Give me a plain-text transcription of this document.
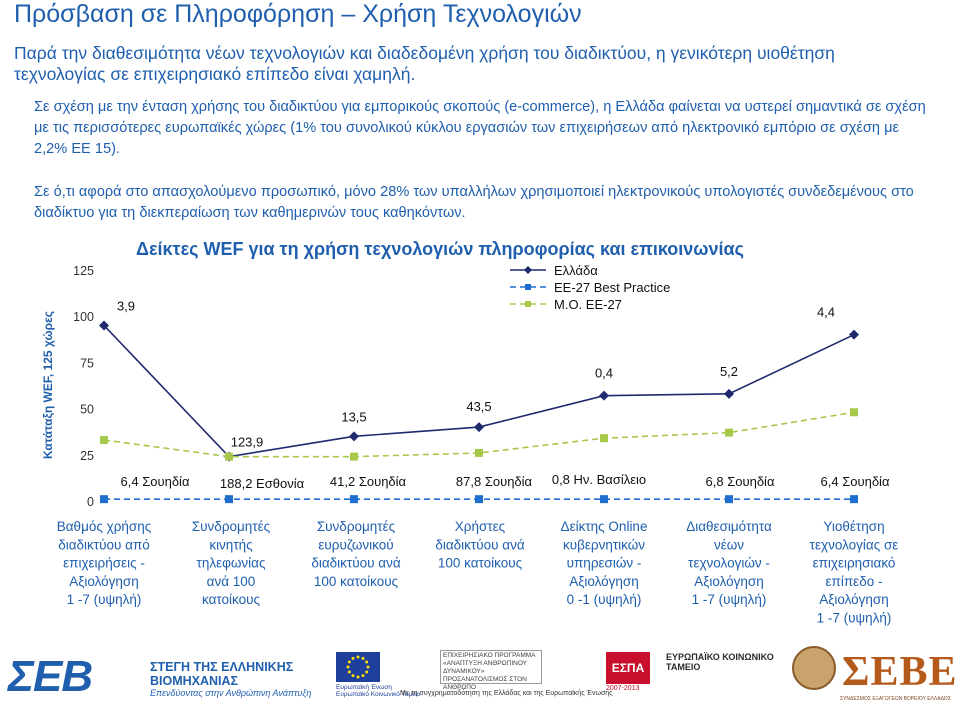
Πρόσβαση σε Πληροφόρηση – Χρήση Τεχνολογιών
Παρά την διαθεσιμότητα νέων τεχνολογιών και διαδεδομένη χρήση του διαδικτύου, η γενικότερη υιοθέτηση τεχνολογίας σε επιχειρησιακό επίπεδο είναι χαμηλή.
Σε σχέση με την ένταση χρήσης του διαδικτύου για εμπορικούς σκοπούς (e-commerce), η Ελλάδα φαίνεται να υστερεί σημαντικά σε σχέση με τις περισσότερες ευρωπαϊκές χώρες (1% του συνολικού κύκλου εργασιών των επιχειρήσεων από ηλεκτρονικό εμπόριο σε σχέση με 2,2% ΕΕ 15).
Σε ό,τι αφορά στο απασχολούμενο προσωπικό, μόνο 28% των υπαλλήλων χρησιμοποιεί ηλεκτρονικούς υπολογιστές συνδεδεμένους στο διαδίκτυο για τη διεκπεραίωση των καθημερινών τους καθηκόντων.
Δείκτες WEF για τη χρήση τεχνολογιών πληροφορίας και επικοινωνίας
Κατάταξη WEF, 125 χώρες
0
25
50
75
100
125
3,9
123,9
13,5
43,5
0,4	5,2
4,4
6,4 Σουηδία 188,2 Εσθονία 41,2 Σουηδία	87,8 Σουηδία 0,8 Ην. Βασίλειο	6,8 Σουηδία	6,4 Σουηδία
Ελλάδα
ΕΕ-27 Best Practice
Μ.Ο. ΕΕ-27
Βαθμός χρήσης
διαδικτύου από
επιχειρήσεις -
Αξιολόγηση
1 -7 (υψηλή)
Συνδρομητές
κινητής
τηλεφωνίας
ανά 100
κατοίκους
Συνδρομητές
ευρυζωνικού
διαδικτύου ανά
100 κατοίκους
Χρήστες
διαδικτύου ανά
100 κατοίκους
Δείκτης Online
κυβερνητικών
υπηρεσιών -
Αξιολόγηση
0 -1 (υψηλή)
Διαθεσιμότητα
νέων
τεχνολογιών -
Αξιολόγηση
1 -7 (υψηλή)
Υιοθέτηση
τεχνολογίας σε
επιχειρησιακό
επίπεδο -
Αξιολόγηση
1 -7 (υψηλή)
ΣΕΒ	ΣΤΕΓΗ ΤΗΣ ΕΛΛΗΝΙΚΗΣ
ΒΙΟΜΗΧΑΝΙΑΣ
Επενδύοντας στην Ανθρώπινη Ανάπτυξη
Ευρωπαϊκή Ένωση
Ευρωπαϊκό Κοινωνικό Ταμείο
Με τη συγχρηματοδότηση της Ελλάδας και της Ευρωπαϊκής Ένωσης
ΕΠΙΧΕΙΡΗΣΙΑΚΟ ΠΡΟΓΡΑΜΜΑ «ΑΝΑΠΤΥΞΗ ΑΝΘΡΩΠΙΝΟΥ ΔΥΝΑΜΙΚΟΥ» ΠΡΟΣΑΝΑΤΟΛΙΣΜΟΣ ΣΤΟΝ ΑΝΘΡΩΠΟ
ΕΣΠΑ
2007-2013
ΕΥΡΩΠΑΪΚΟ ΚΟΙΝΩΝΙΚΟ ΤΑΜΕΙΟ	ΣΕΒΕ
ΣΥΝΔΕΣΜΟΣ ΕΞΑΓΩΓΕΩΝ ΒΟΡΕΙΟΥ ΕΛΛΑΔΟΣ
